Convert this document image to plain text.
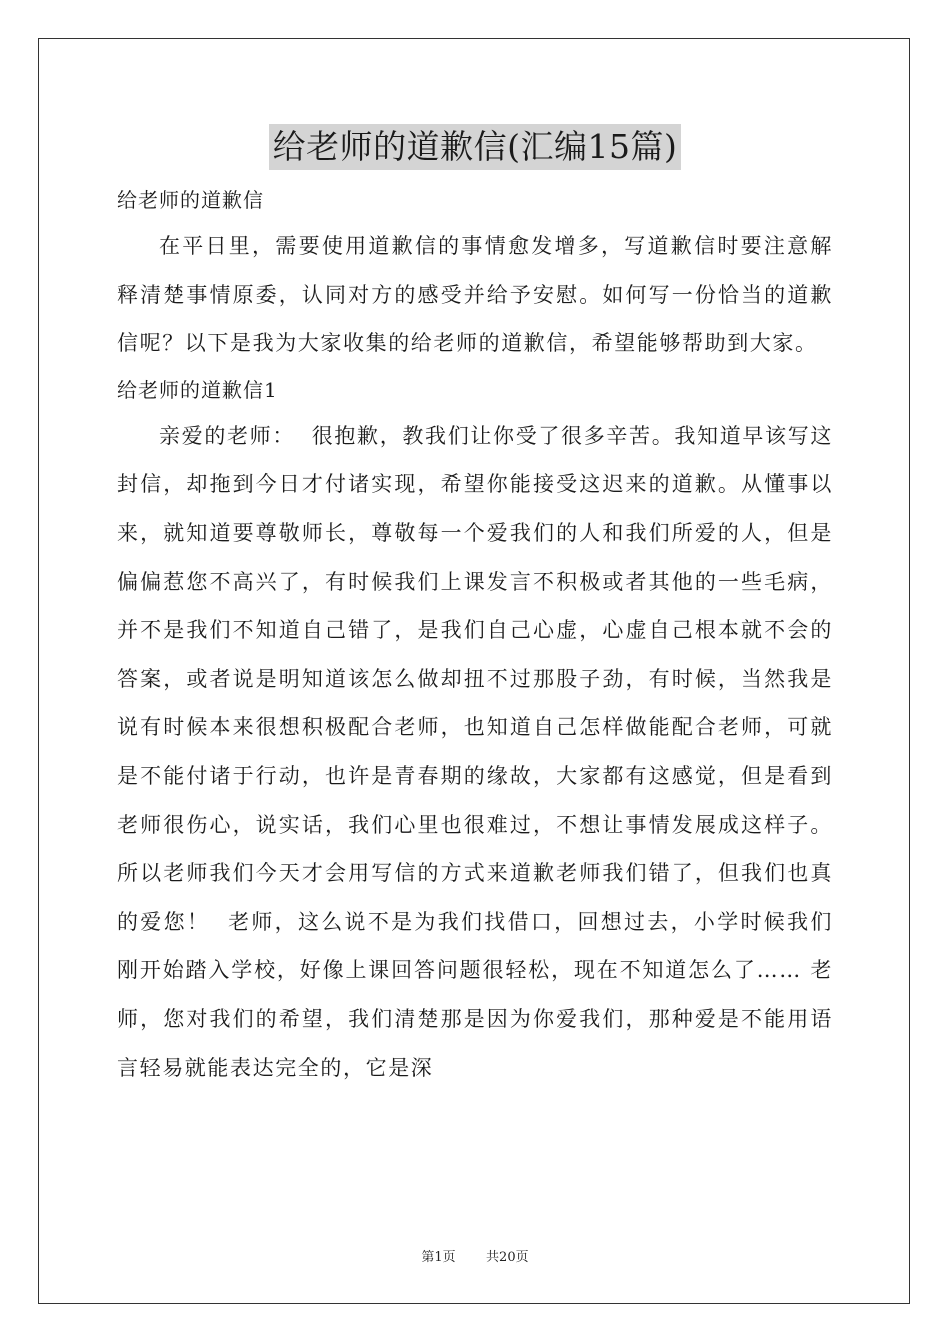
给老师的道歉信(汇编15篇)

给老师的道歉信

在平日里，需要使用道歉信的事情愈发增多，写道歉信时要注意解释清楚事情原委，认同对方的感受并给予安慰。如何写一份恰当的道歉信呢？以下是我为大家收集的给老师的道歉信，希望能够帮助到大家。

给老师的道歉信1

亲爱的老师：  很抱歉，教我们让你受了很多辛苦。我知道早该写这封信，却拖到今日才付诸实现，希望你能接受这迟来的道歉。从懂事以来，就知道要尊敬师长，尊敬每一个爱我们的人和我们所爱的人，但是偏偏惹您不高兴了，有时候我们上课发言不积极或者其他的一些毛病，并不是我们不知道自己错了，是我们自己心虚，心虚自己根本就不会的答案，或者说是明知道该怎么做却扭不过那股子劲，有时候，当然我是说有时候本来很想积极配合老师，也知道自己怎样做能配合老师，可就是不能付诸于行动，也许是青春期的缘故，大家都有这感觉，但是看到老师很伤心，说实话，我们心里也很难过，不想让事情发展成这样子。所以老师我们今天才会用写信的方式来道歉老师我们错了，但我们也真的爱您！  老师，这么说不是为我们找借口，回想过去，小学时候我们刚开始踏入学校，好像上课回答问题很轻松，现在不知道怎么了…… 老师，您对我们的希望，我们清楚那是因为你爱我们，那种爱是不能用语言轻易就能表达完全的，它是深

第1页   共20页
